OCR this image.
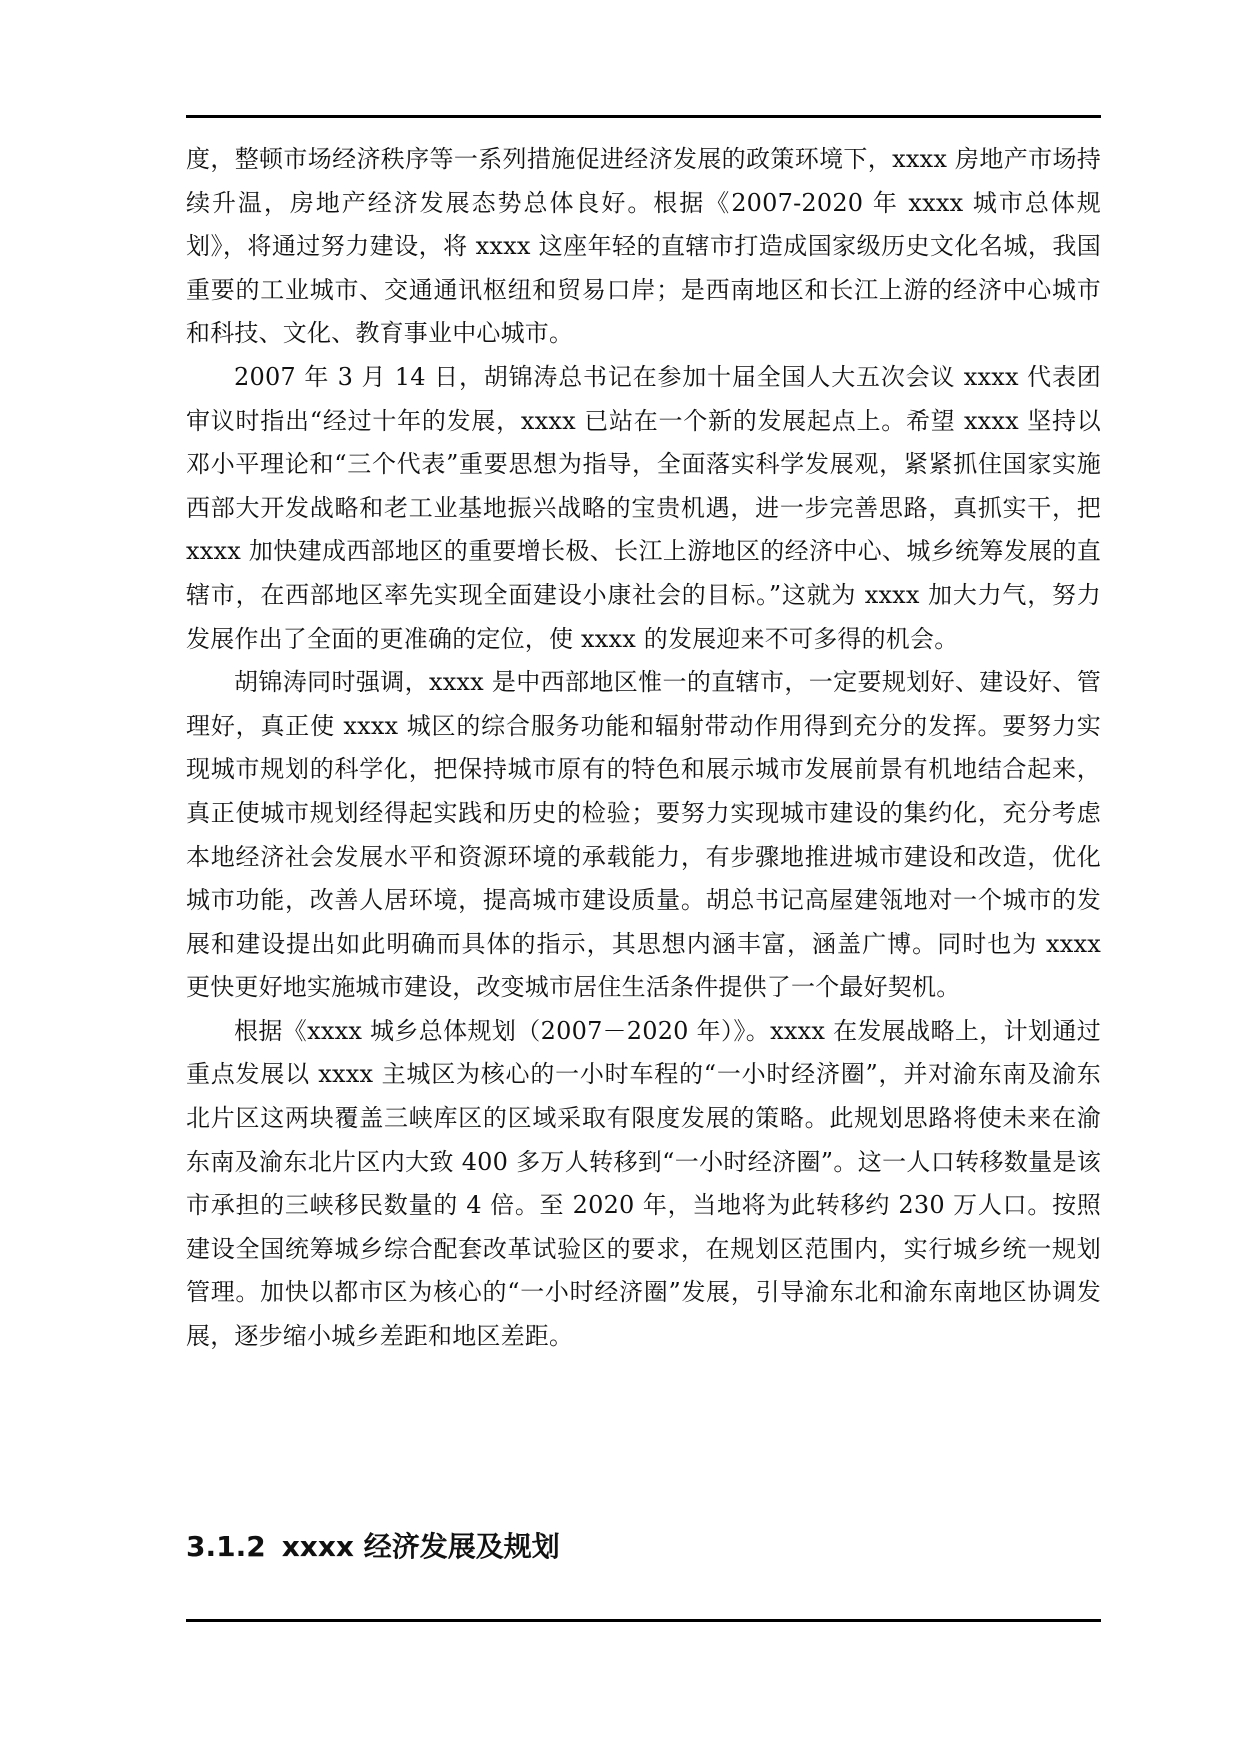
度，整顿市场经济秩序等一系列措施促进经济发展的政策环境下，xxxx 房地产市场持续升温，房地产经济发展态势总体良好。根据《2007-2020 年 xxxx 城市总体规划》，将通过努力建设，将 xxxx 这座年轻的直辖市打造成国家级历史文化名城，我国重要的工业城市、交通通讯枢纽和贸易口岸；是西南地区和长江上游的经济中心城市和科技、文化、教育事业中心城市。

2007 年 3 月 14 日，胡锦涛总书记在参加十届全国人大五次会议 xxxx 代表团审议时指出“经过十年的发展，xxxx 已站在一个新的发展起点上。希望 xxxx 坚持以邓小平理论和“三个代表”重要思想为指导，全面落实科学发展观，紧紧抓住国家实施西部大开发战略和老工业基地振兴战略的宝贵机遇，进一步完善思路，真抓实干，把 xxxx 加快建成西部地区的重要增长极、长江上游地区的经济中心、城乡统筹发展的直辖市，在西部地区率先实现全面建设小康社会的目标。”这就为 xxxx 加大力气，努力发展作出了全面的更准确的定位，使 xxxx 的发展迎来不可多得的机会。

胡锦涛同时强调，xxxx 是中西部地区惟一的直辖市，一定要规划好、建设好、管理好，真正使 xxxx 城区的综合服务功能和辐射带动作用得到充分的发挥。要努力实现城市规划的科学化，把保持城市原有的特色和展示城市发展前景有机地结合起来，真正使城市规划经得起实践和历史的检验；要努力实现城市建设的集约化，充分考虑本地经济社会发展水平和资源环境的承载能力，有步骤地推进城市建设和改造，优化城市功能，改善人居环境，提高城市建设质量。胡总书记高屋建瓴地对一个城市的发展和建设提出如此明确而具体的指示，其思想内涵丰富，涵盖广博。同时也为 xxxx 更快更好地实施城市建设，改变城市居住生活条件提供了一个最好契机。

根据《xxxx 城乡总体规划（2007－2020 年）》。xxxx 在发展战略上，计划通过重点发展以 xxxx 主城区为核心的一小时车程的“一小时经济圈”，并对渝东南及渝东北片区这两块覆盖三峡库区的区域采取有限度发展的策略。此规划思路将使未来在渝东南及渝东北片区内大致 400 多万人转移到“一小时经济圈”。这一人口转移数量是该市承担的三峡移民数量的 4 倍。至 2020 年，当地将为此转移约 230 万人口。按照建设全国统筹城乡综合配套改革试验区的要求，在规划区范围内，实行城乡统一规划管理。加快以都市区为核心的“一小时经济圈”发展，引导渝东北和渝东南地区协调发展，逐步缩小城乡差距和地区差距。

3.1.2 xxxx 经济发展及规划
